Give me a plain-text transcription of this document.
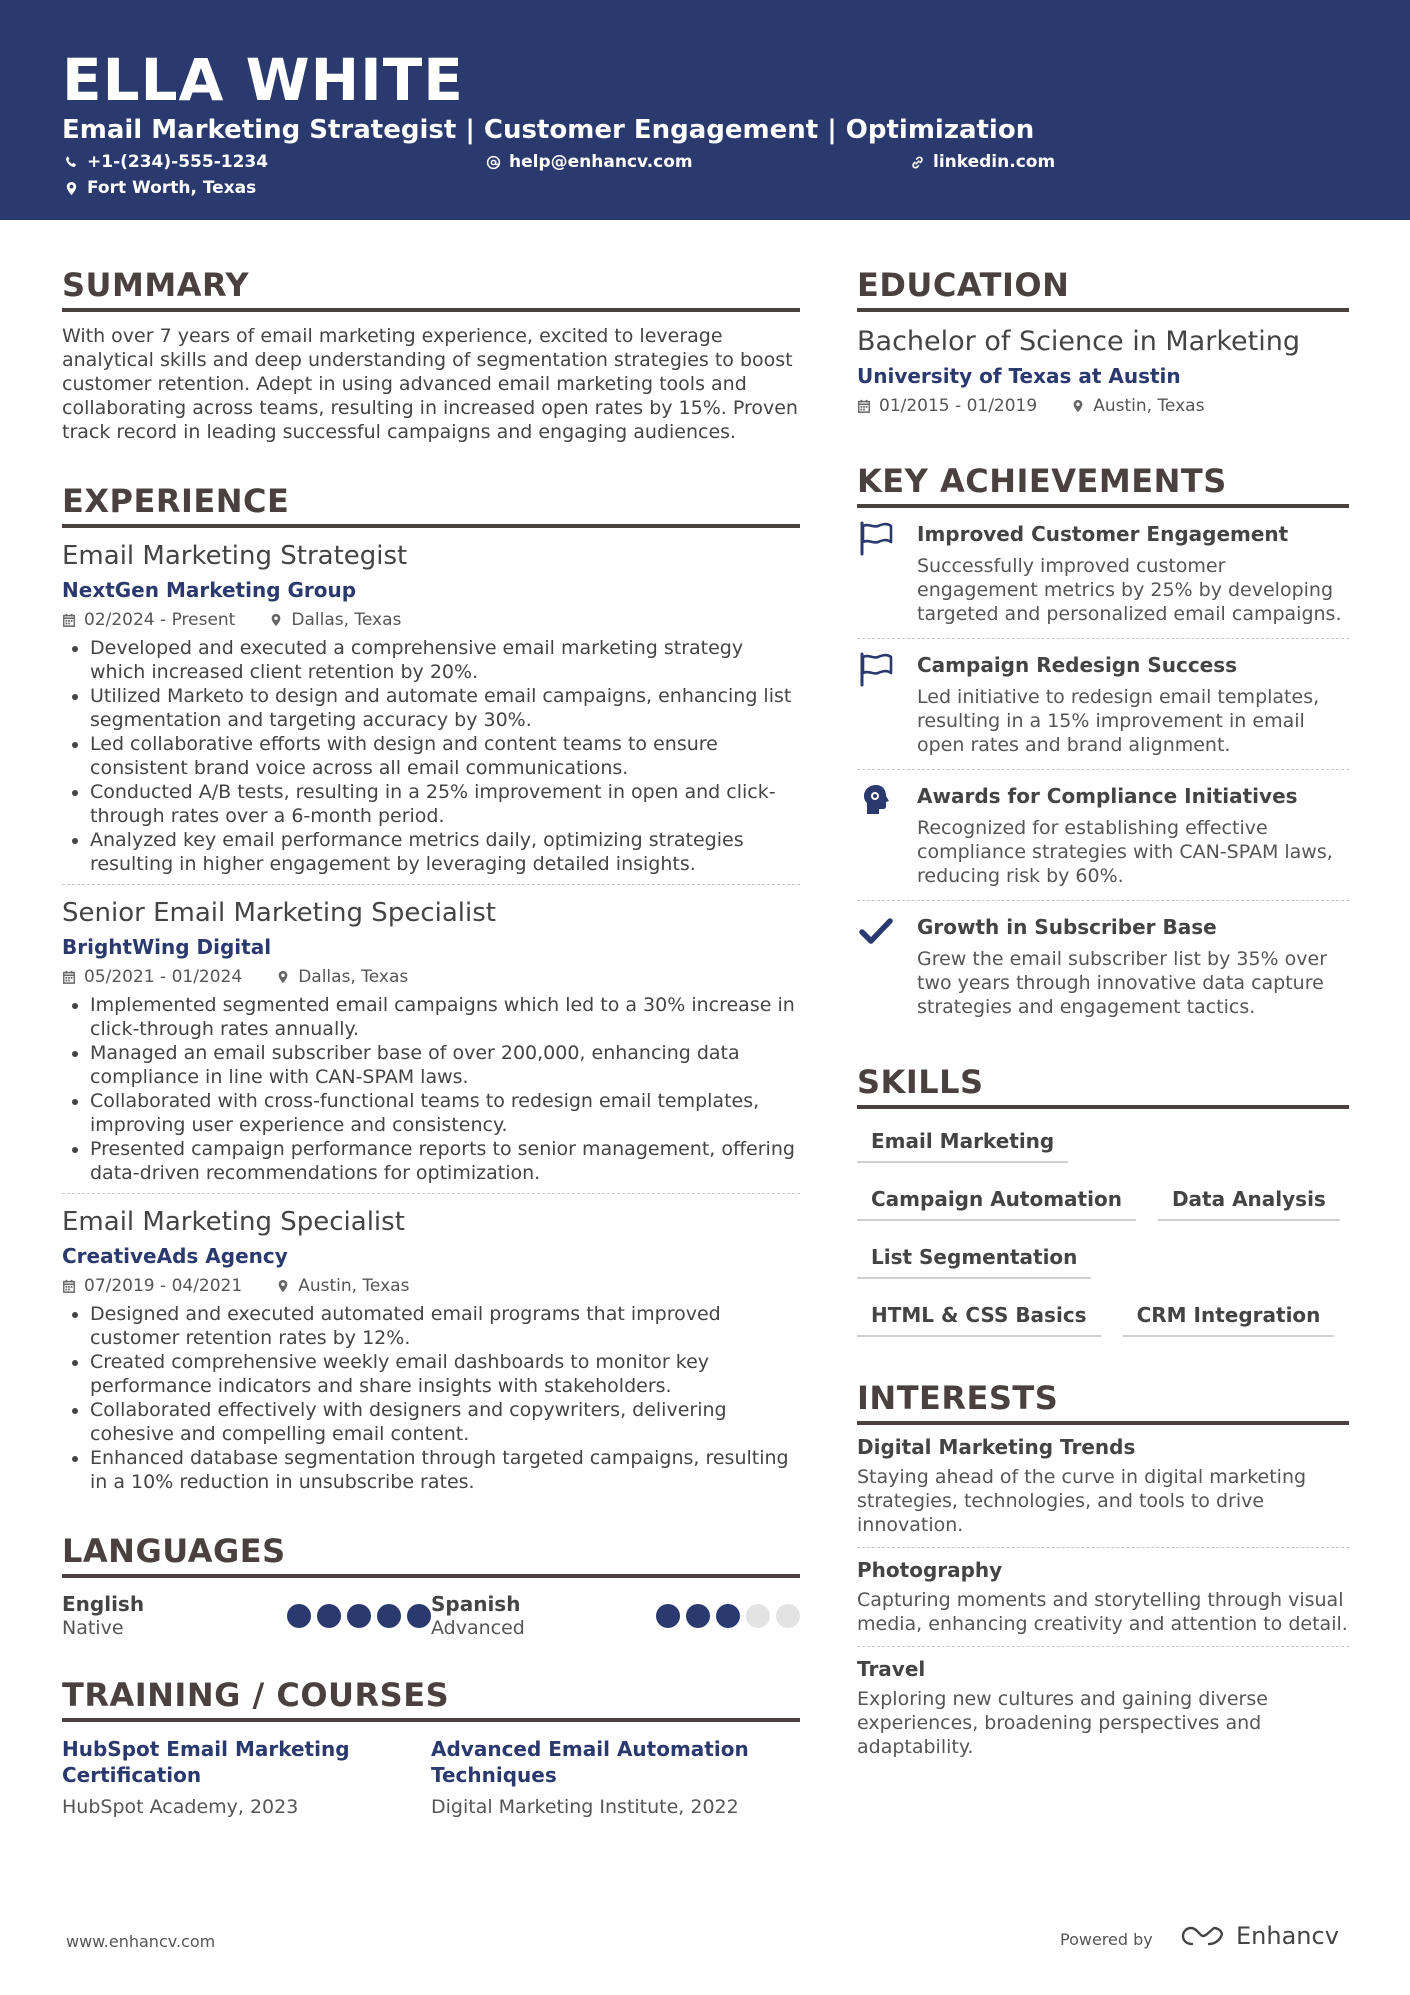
ELLA WHITE
Email Marketing Strategist | Customer Engagement | Optimization
+1-(234)-555-1234	help@enhancv.com	linkedin.com
Fort Worth, Texas
SUMMARY
With over 7 years of email marketing experience, excited to leverage analytical skills and deep understanding of segmentation strategies to boost customer retention. Adept in using advanced email marketing tools and collaborating across teams, resulting in increased open rates by 15%. Proven track record in leading successful campaigns and engaging audiences.
EXPERIENCE
Email Marketing Strategist
NextGen Marketing Group
02/2024 - Present	Dallas, Texas
• Developed and executed a comprehensive email marketing strategy which increased client retention by 20%.
• Utilized Marketo to design and automate email campaigns, enhancing list segmentation and targeting accuracy by 30%.
• Led collaborative efforts with design and content teams to ensure consistent brand voice across all email communications.
• Conducted A/B tests, resulting in a 25% improvement in open and click-through rates over a 6-month period.
• Analyzed key email performance metrics daily, optimizing strategies resulting in higher engagement by leveraging detailed insights.
Senior Email Marketing Specialist
BrightWing Digital
05/2021 - 01/2024	Dallas, Texas
• Implemented segmented email campaigns which led to a 30% increase in click-through rates annually.
• Managed an email subscriber base of over 200,000, enhancing data compliance in line with CAN-SPAM laws.
• Collaborated with cross-functional teams to redesign email templates, improving user experience and consistency.
• Presented campaign performance reports to senior management, offering data-driven recommendations for optimization.
Email Marketing Specialist
CreativeAds Agency
07/2019 - 04/2021	Austin, Texas
• Designed and executed automated email programs that improved customer retention rates by 12%.
• Created comprehensive weekly email dashboards to monitor key performance indicators and share insights with stakeholders.
• Collaborated effectively with designers and copywriters, delivering cohesive and compelling email content.
• Enhanced database segmentation through targeted campaigns, resulting in a 10% reduction in unsubscribe rates.
LANGUAGES
English
Native
Spanish
Advanced
TRAINING / COURSES
HubSpot Email Marketing Certification
HubSpot Academy, 2023
Advanced Email Automation Techniques
Digital Marketing Institute, 2022
EDUCATION
Bachelor of Science in Marketing
University of Texas at Austin
01/2015 - 01/2019	Austin, Texas
KEY ACHIEVEMENTS
Improved Customer Engagement
Successfully improved customer engagement metrics by 25% by developing targeted and personalized email campaigns.
Campaign Redesign Success
Led initiative to redesign email templates, resulting in a 15% improvement in email open rates and brand alignment.
Awards for Compliance Initiatives
Recognized for establishing effective compliance strategies with CAN-SPAM laws, reducing risk by 60%.
Growth in Subscriber Base
Grew the email subscriber list by 35% over two years through innovative data capture strategies and engagement tactics.
SKILLS
Email Marketing
Campaign Automation	Data Analysis
List Segmentation
HTML & CSS Basics	CRM Integration
INTERESTS
Digital Marketing Trends
Staying ahead of the curve in digital marketing strategies, technologies, and tools to drive innovation.
Photography
Capturing moments and storytelling through visual media, enhancing creativity and attention to detail.
Travel
Exploring new cultures and gaining diverse experiences, broadening perspectives and adaptability.
www.enhancv.com	Powered by	Enhancv
